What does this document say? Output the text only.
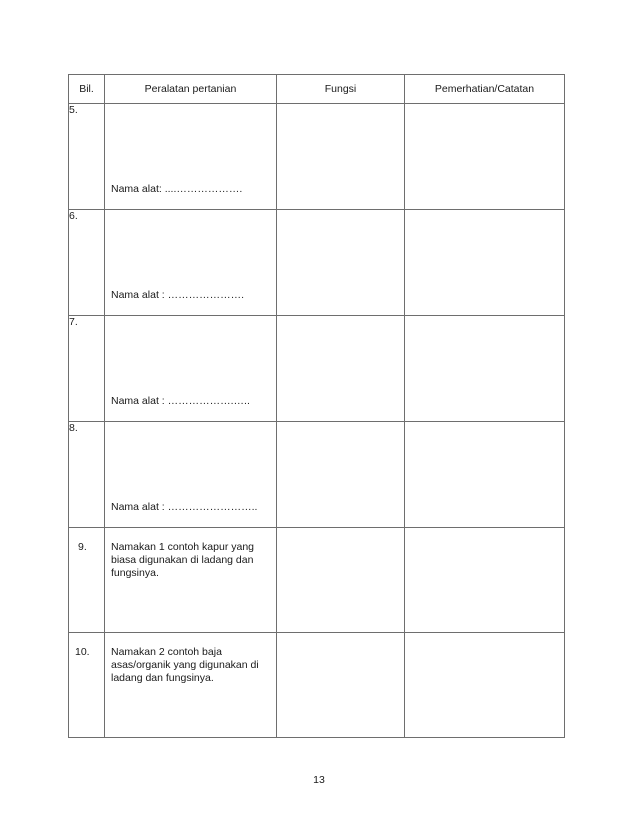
Bil.	Peralatan pertanian	Fungsi	Pemerhatian/Catatan
5.	Nama alat: ....……………….		

6.	Nama alat : ………………….		

7.	Nama alat : ……………….…..		

8.	Nama alat : ……………………..		

9.	Namakan 1 contoh kapur yang biasa digunakan di ladang dan fungsinya.		

10.	Namakan 2 contoh baja asas/organik yang digunakan di ladang dan fungsinya.		

13
